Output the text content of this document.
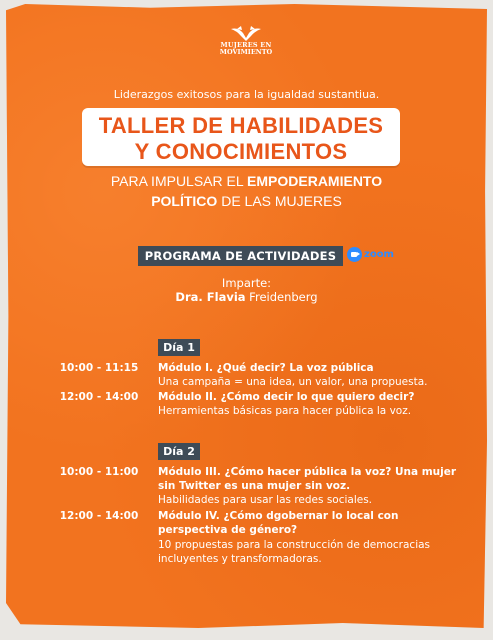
MUJERES EN
MOVIMIENTO
Liderazgos exitosos para la igualdad sustantiua.
TALLER DE HABILIDADES
Y CONOCIMIENTOS
PARA IMPULSAR EL EMPODERAMIENTO
POLÍTICO DE LAS MUJERES
PROGRAMA DE ACTIVIDADES	zoom
Imparte:
Dra. Flavia Freidenberg
Día 1
10:00 - 11:15	Módulo I. ¿Qué decir? La voz pública
Una campaña = una idea, un valor, una propuesta.
12:00 - 14:00	Módulo II. ¿Cómo decir lo que quiero decir?
Herramientas básicas para hacer pública la voz.
Día 2
10:00 - 11:00	Módulo III. ¿Cómo hacer pública la voz? Una mujer
sin Twitter es una mujer sin voz.
Habilidades para usar las redes sociales.
12:00 - 14:00	Módulo IV. ¿Cómo dgobernar lo local con
perspectiva de género?
10 propuestas para la construcción de democracias
incluyentes y transformadoras.
